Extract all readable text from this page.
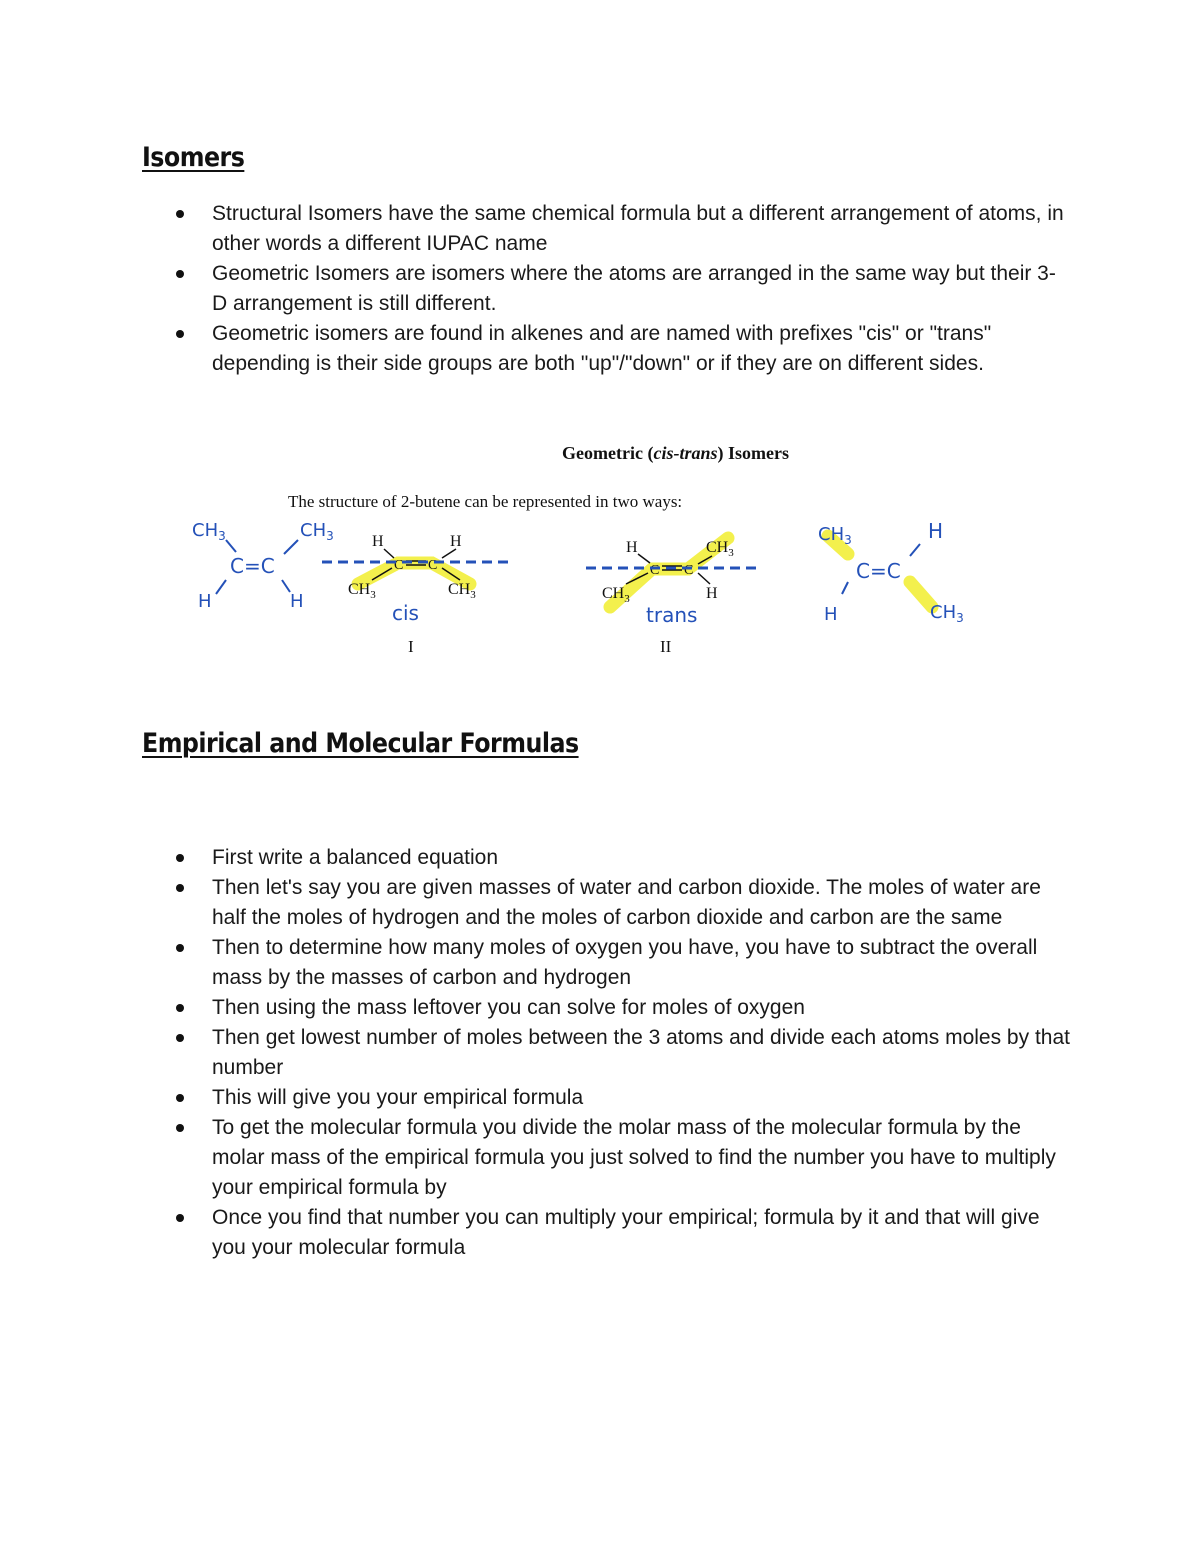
Isomers
Structural Isomers have the same chemical formula but a different arrangement of atoms, in other words a different IUPAC name
Geometric Isomers are isomers where the atoms are arranged in the same way but their 3-D arrangement is still different.
Geometric isomers are found in alkenes and are named with prefixes "cis" or "trans" depending is their side groups are both "up"/"down" or if they are on different sides.
Geometric (cis-trans) Isomers
The structure of 2-butene can be represented in two ways:
$CH_3$	$CH_3$
C=C
H	H
H	H
$CH_3$	$CH_3$
C C
cis
I
H	$CH_3$
$CH_3$	H
C C
trans
II
$CH_3$	H
C=C
H	$CH_3$
Empirical and Molecular Formulas
First write a balanced equation
Then let's say you are given masses of water and carbon dioxide. The moles of water are half the moles of hydrogen and the moles of carbon dioxide and carbon are the same
Then to determine how many moles of oxygen you have, you have to subtract the overall mass by the masses of carbon and hydrogen
Then using the mass leftover you can solve for moles of oxygen
Then get lowest number of moles between the 3 atoms and divide each atoms moles by that number
This will give you your empirical formula
To get the molecular formula you divide the molar mass of the molecular formula by the molar mass of the empirical formula you just solved to find the number you have to multiply your empirical formula by
Once you find that number you can multiply your empirical; formula by it and that will give you your molecular formula
